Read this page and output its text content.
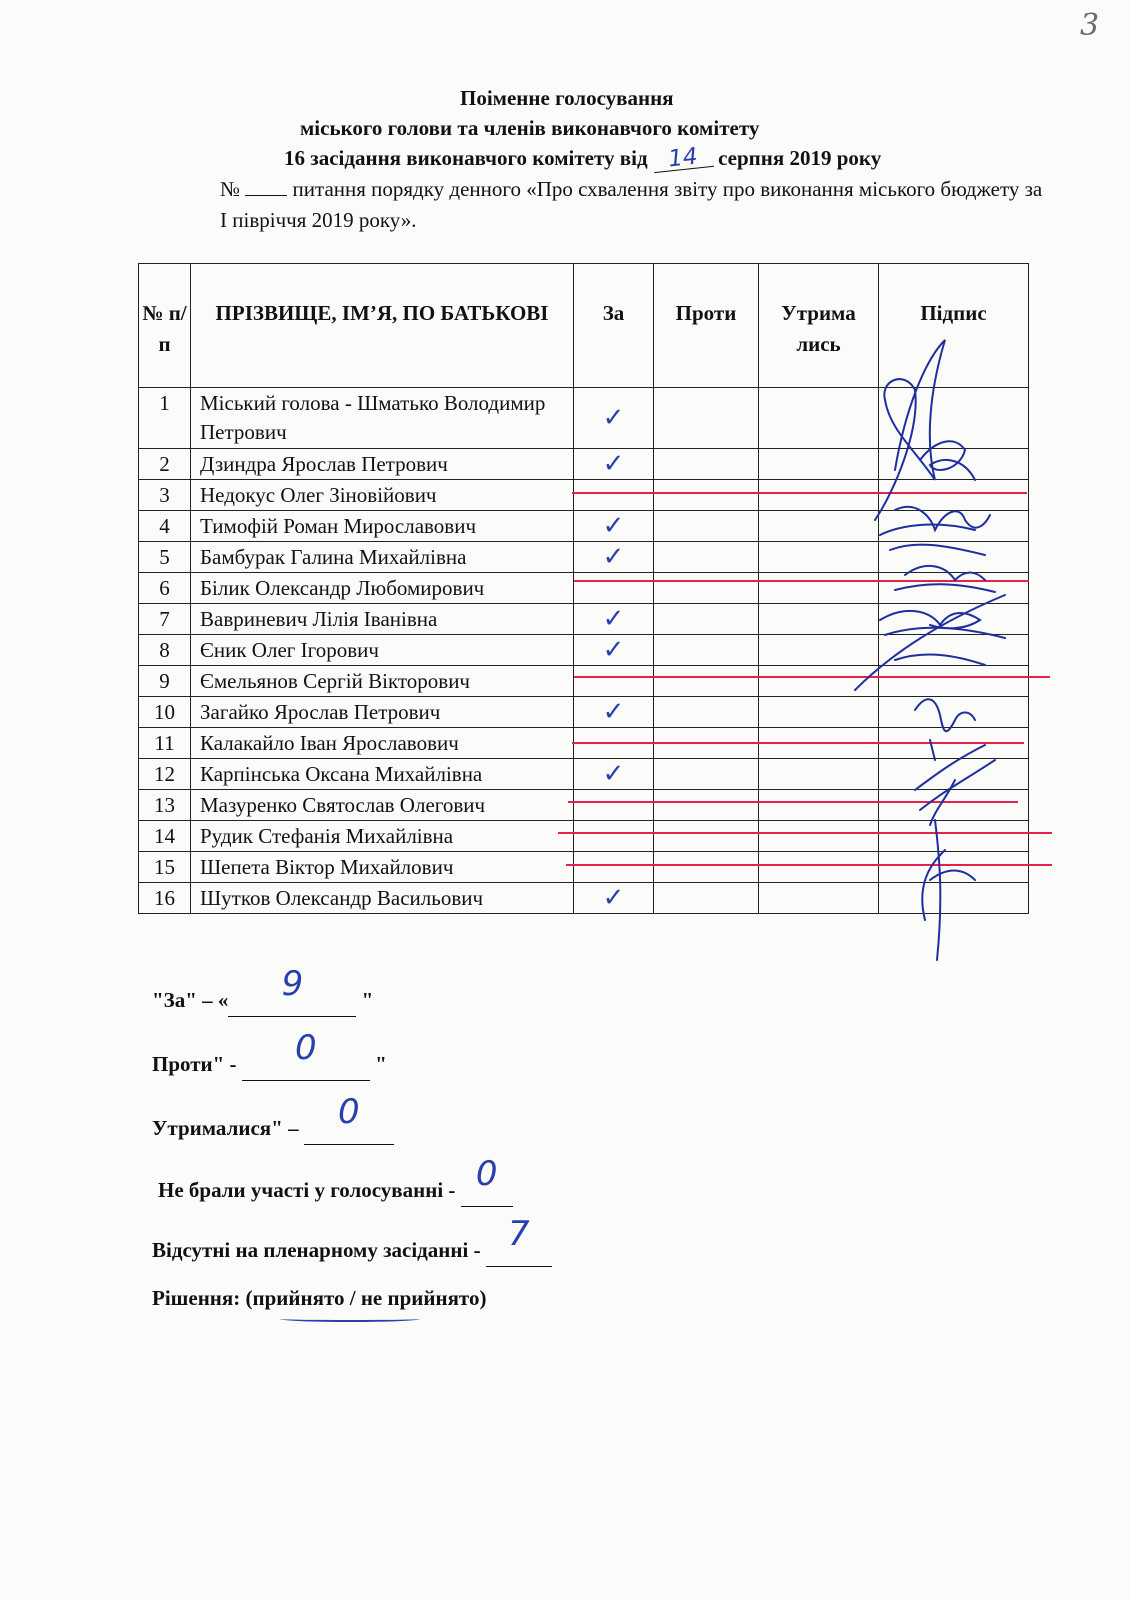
3
Поіменне голосування
міського голови та членів виконавчого комітету
16 засідання виконавчого комітету від 14 серпня 2019 року
№	питання порядку денного «Про схвалення звіту про виконання міського бюджету за І півріччя 2019 року».
№ п/п	ПРІЗВИЩЕ, ІМ’Я, ПО БАТЬКОВІ	За	Проти	Утрима лись	Підпис
1	Міський голова - Шматько Володимир Петрович	✓			
2	Дзиндра Ярослав Петрович	✓			
3	Недокус Олег Зіновійович				
4	Тимофій Роман Мирославович	✓			
5	Бамбурак Галина Михайлівна	✓			
6	Білик Олександр Любомирович				
7	Вавриневич Лілія Іванівна	✓			
8	Єник Олег Ігорович	✓			
9	Ємельянов Сергій Вікторович				
10	Загайко Ярослав Петрович	✓			
11	Калакайло Іван Ярославович				
12	Карпінська Оксана Михайлівна	✓			
13	Мазуренко Святослав Олегович				
14	Рудик Стефанія Михайлівна				
15	Шепета Віктор Михайлович				
16	Шутков Олександр Васильович	✓			
"За" – « 9	"
Проти" - 0	"
Утрималися" – 0
Не брали участі у голосуванні - 0
Відсутні на пленарному засіданні - 7
Рішення: (прийнято / не прийнято)
